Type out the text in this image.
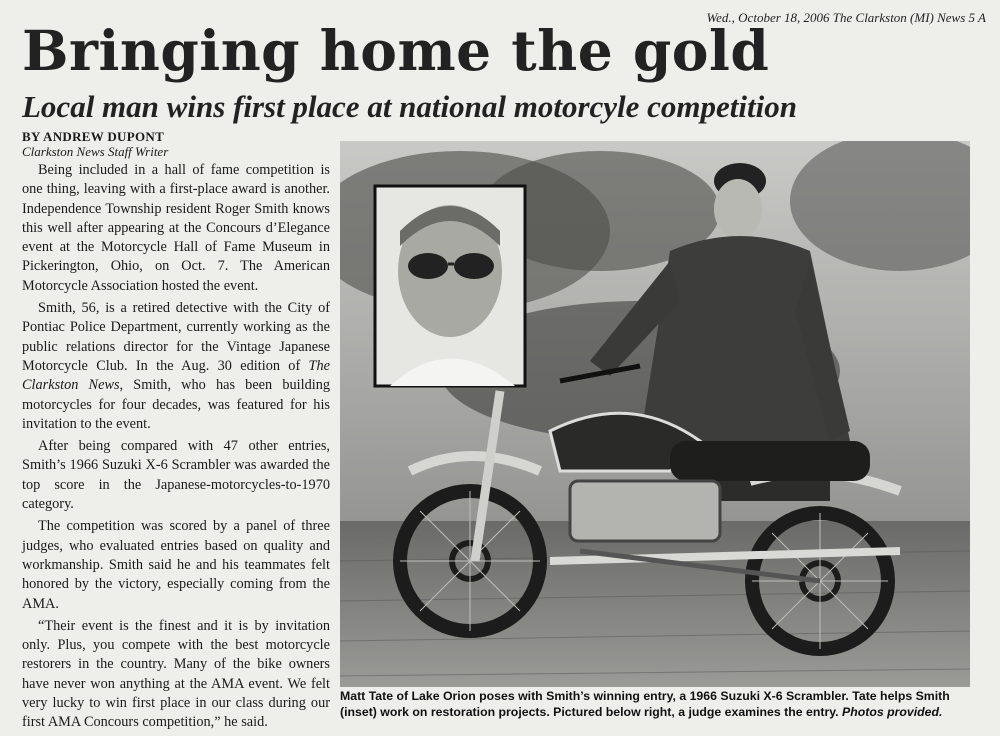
Wed., October 18, 2006 The Clarkston (MI) News 5 A
Bringing home the gold
Local man wins first place at national motorcyle competition
BY ANDREW DUPONT
Clarkston News Staff Writer

Being included in a hall of fame competition is one thing, leaving with a first-place award is another. Independence Township resident Roger Smith knows this well after appearing at the Concours d’Elegance event at the Motorcycle Hall of Fame Museum in Pickerington, Ohio, on Oct. 7. The American Motorcycle Association hosted the event.

Smith, 56, is a retired detective with the City of Pontiac Police Department, currently working as the public relations director for the Vintage Japanese Motorcycle Club. In the Aug. 30 edition of The Clarkston News, Smith, who has been building motorcycles for four decades, was featured for his invitation to the event.

After being compared with 47 other entries, Smith’s 1966 Suzuki X-6 Scrambler was awarded the top score in the Japanese-motorcycles-to-1970 category.

The competition was scored by a panel of three judges, who evaluated entries based on quality and workmanship. Smith said he and his teammates felt honored by the victory, especially coming from the AMA.

“Their event is the finest and it is by invitation only. Plus, you compete with the best motorcycle restorers in the country. Many of the bike owners have never won anything at the AMA event. We felt very lucky to win first place in our class during our first AMA Concours competition,” he said.

Matt Tate of Lake Orion poses with Smith’s winning entry, a 1966 Suzuki X-6 Scrambler. Tate helps Smith (inset) work on restoration projects. Pictured below right, a judge examines the entry. Photos provided.
